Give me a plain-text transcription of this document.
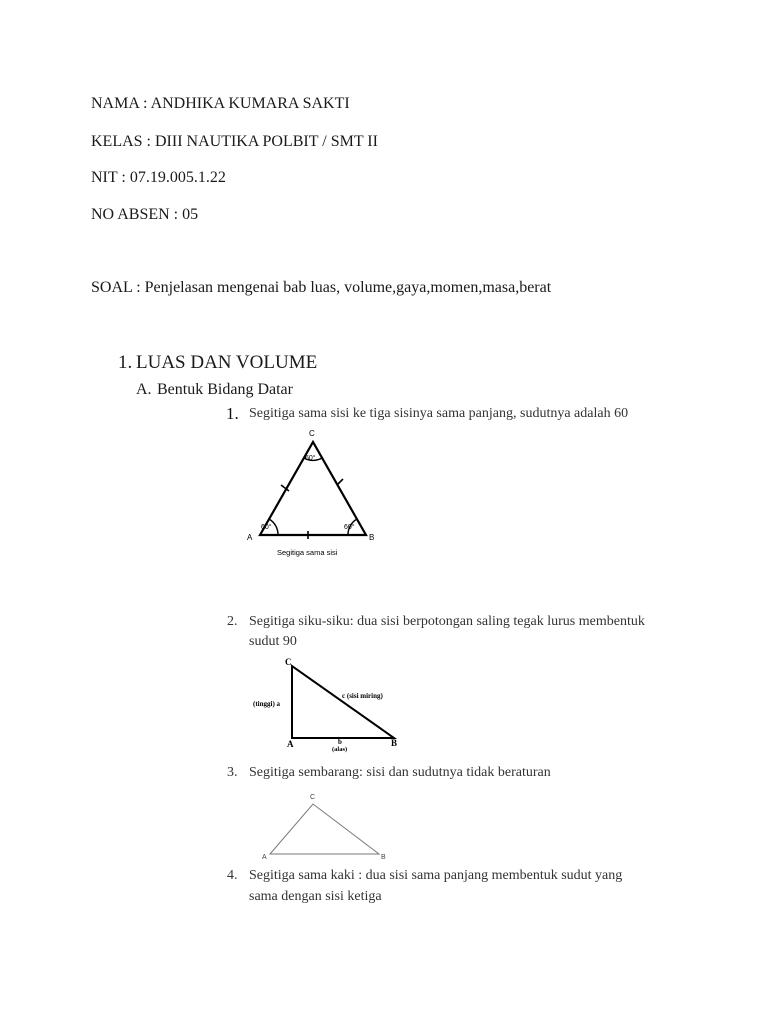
NAMA : ANDHIKA KUMARA SAKTI
KELAS : DIII NAUTIKA POLBIT / SMT II
NIT : 07.19.005.1.22
NO ABSEN : 05
SOAL : Penjelasan mengenai bab luas, volume,gaya,momen,masa,berat
1. LUAS DAN VOLUME
A. Bentuk Bidang Datar
1. Segitiga sama sisi ke tiga sisinya sama panjang, sudutnya adalah 60
C
A	B
60°	60°
60°
Segitiga sama sisi
2. Segitiga siku-siku: dua sisi berpotongan saling tegak lurus membentuk
sudut 90
C
A	B
(tinggi) a
c (sisi miring)
b
(alas)
3. Segitiga sembarang: sisi dan sudutnya tidak beraturan
C
A	B
4. Segitiga sama kaki : dua sisi sama panjang membentuk sudut yang
sama dengan sisi ketiga
